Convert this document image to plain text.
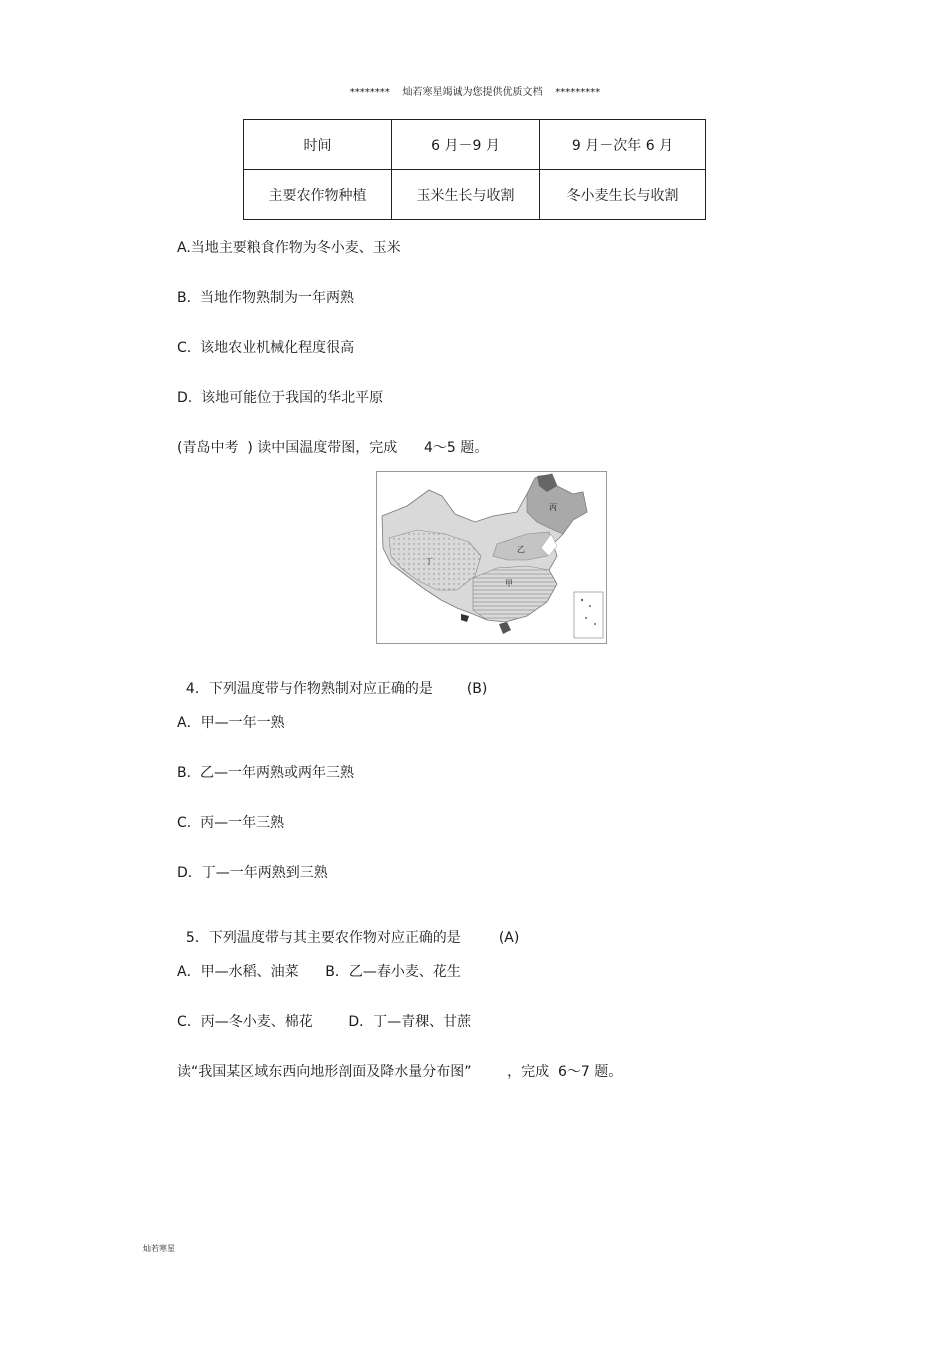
********    灿若寒星竭诚为您提供优质文档    *********
时间	6 月－9 月	9 月－次年 6 月
主要农作物种植	玉米生长与收割	冬小麦生长与收割
A.当地主要粮食作物为冬小麦、玉米
B.  当地作物熟制为一年两熟
C.  该地农业机械化程度很高
D.  该地可能位于我国的华北平原
(青岛中考  ) 读中国温度带图，完成      4～5 题。
丙
乙
甲
丁

4．下列温度带与作物熟制对应正确的是 (B)

A．甲—一年一熟
B.  乙—一年两熟或两年三熟
C.  丙—一年三熟
D．丁—一年两熟到三熟

5．下列温度带与其主要农作物对应正确的是	(A)

A．甲—水稻、油菜      B．乙—春小麦、花生
C．丙—冬小麦、棉花        D．丁—青稞、甘蔗
读“我国某区域东西向地形剖面及降水量分布图”        ，完成  6～7 题。
灿若寒星
